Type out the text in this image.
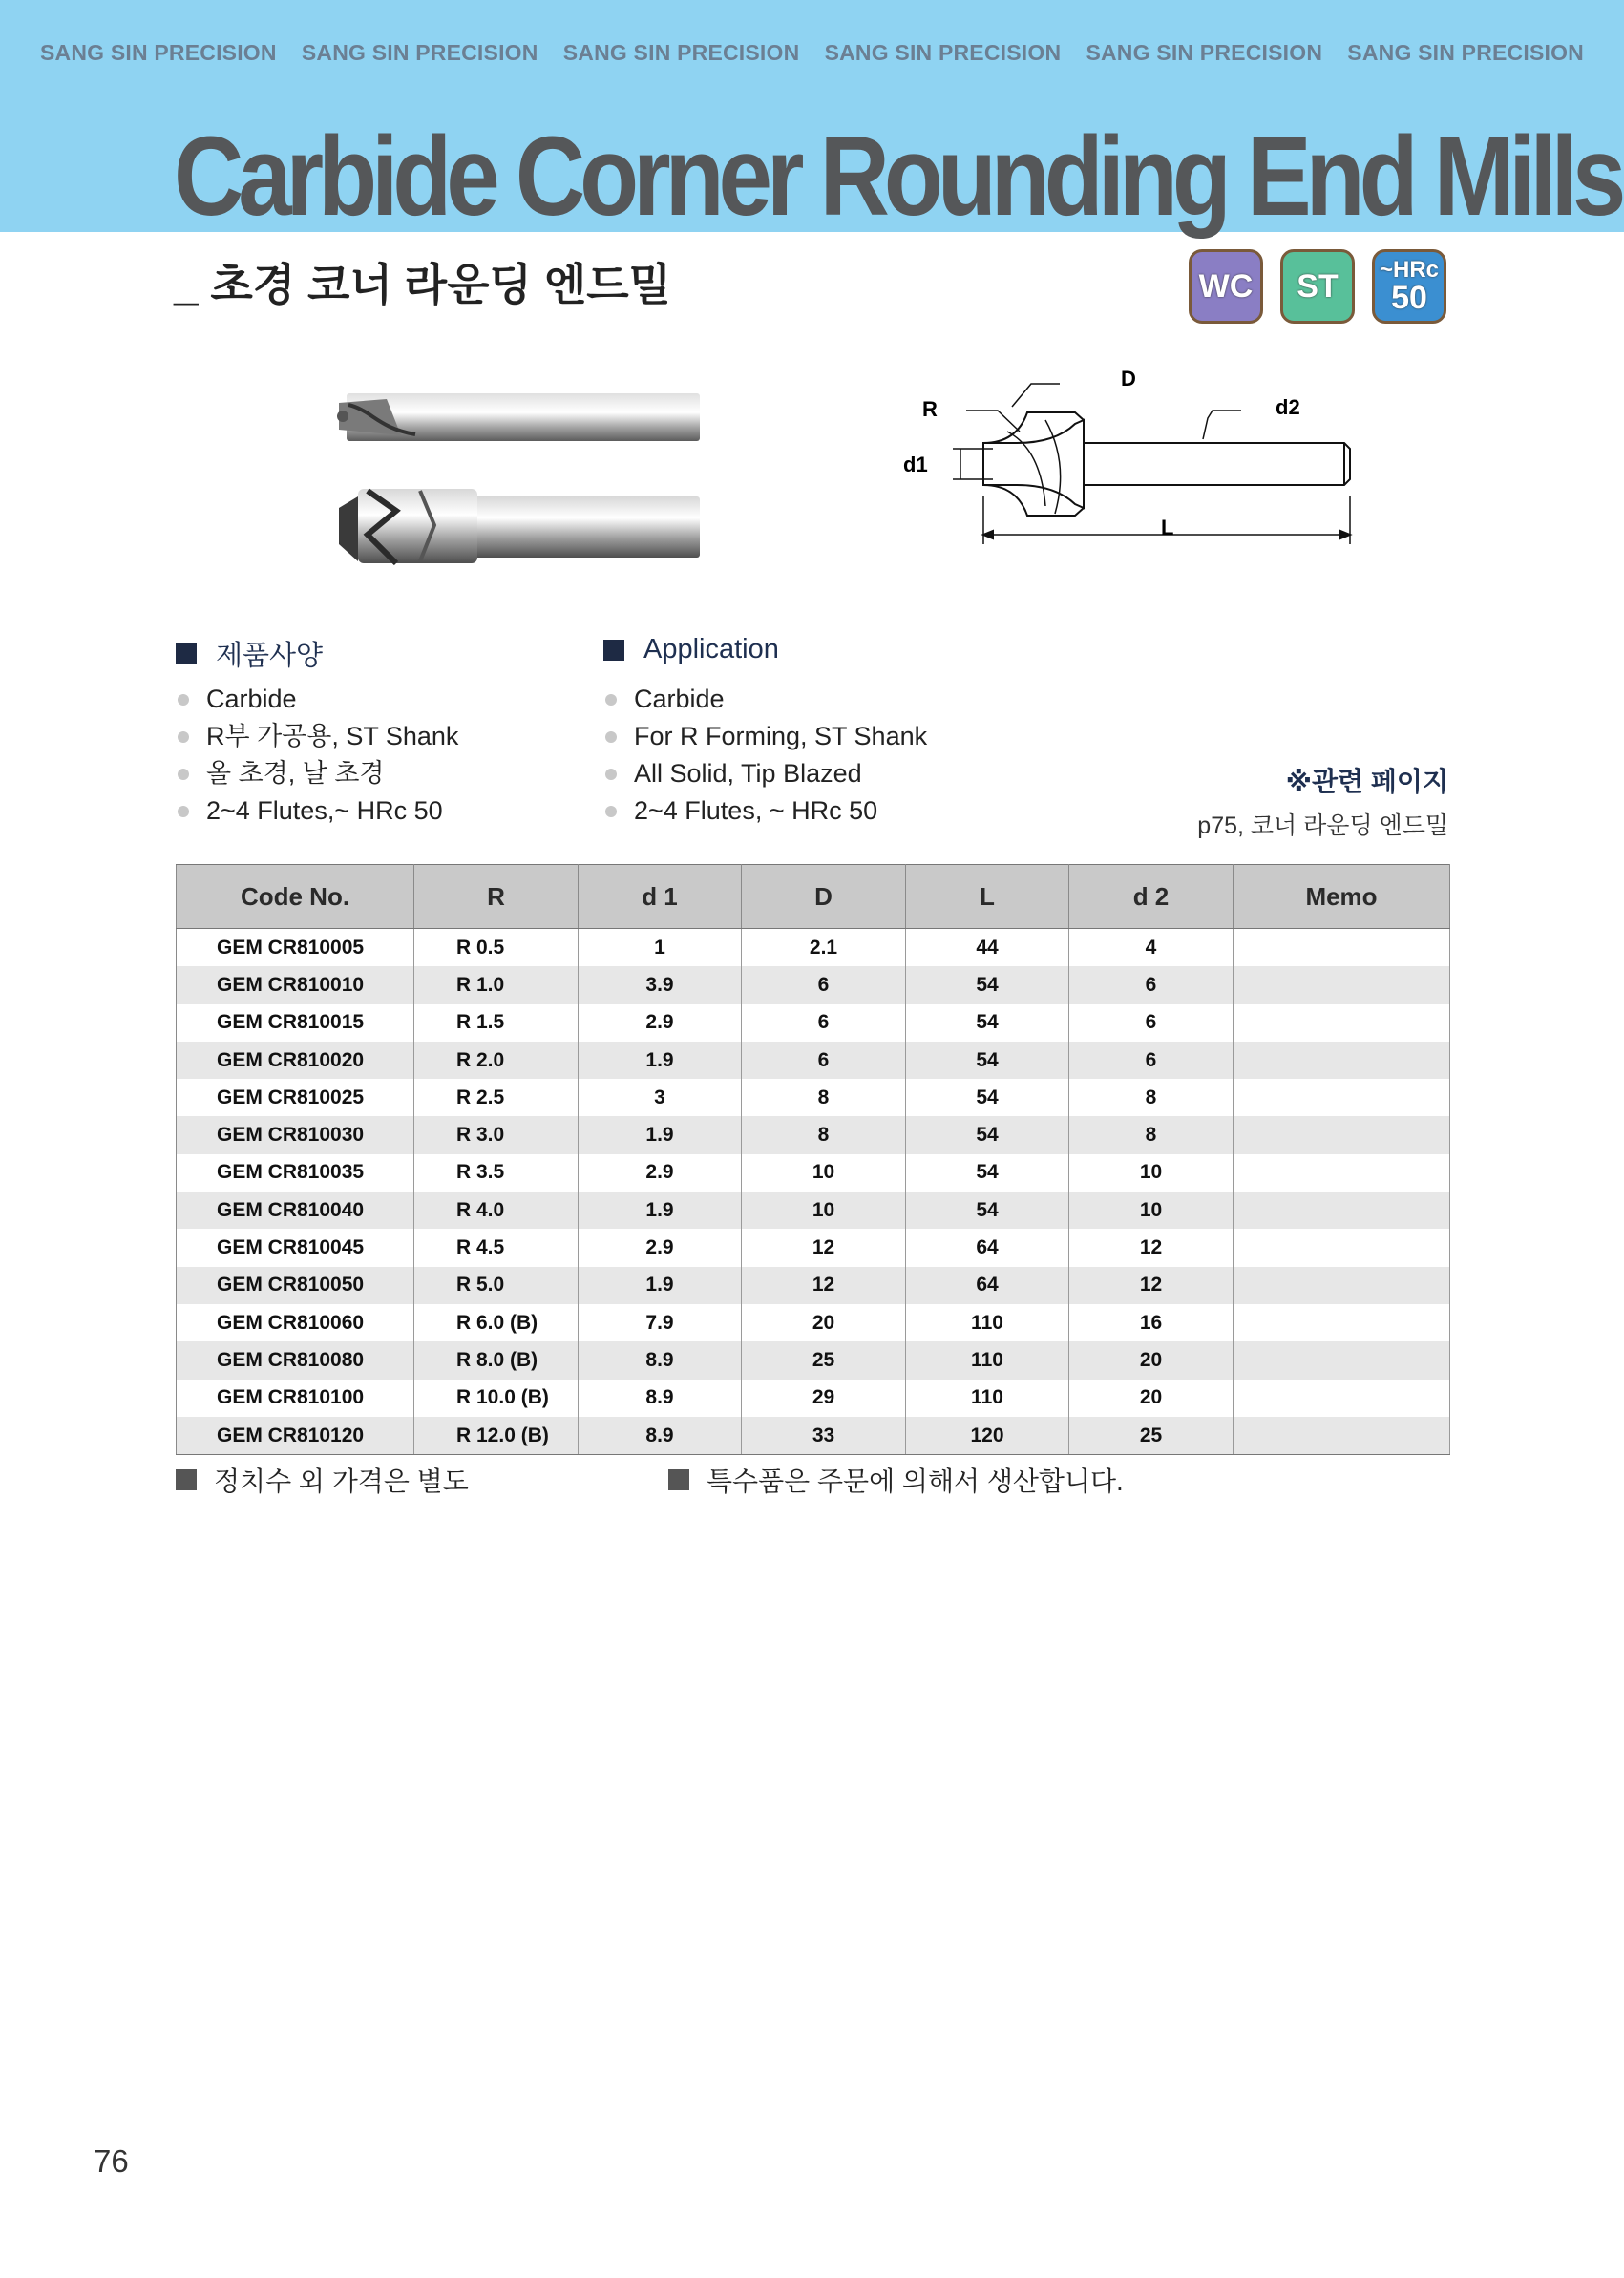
SANG SIN PRECISION SANG SIN PRECISION SANG SIN PRECISION SANG SIN PRECISION SANG SIN PRECISION SANG SIN PRECISION
Carbide Corner Rounding End Mills
_ 초경 코너 라운딩 엔드밀	WC	ST	~HRc
50
D
R	d2
d1
L
제품사양
Carbide
R부 가공용, ST Shank
올 초경, 날 초경
2~4 Flutes,~ HRc 50
Application
Carbide
For R Forming, ST Shank
All Solid, Tip Blazed
2~4 Flutes, ~ HRc 50
※관련 페이지
p75, 코너 라운딩 엔드밀
Code No.	R	d 1	D	L	d 2	Memo
GEM CR810005	R 0.5	1	2.1	44	4	
GEM CR810010	R 1.0	3.9	6	54	6	
GEM CR810015	R 1.5	2.9	6	54	6	
GEM CR810020	R 2.0	1.9	6	54	6	
GEM CR810025	R 2.5	3	8	54	8	
GEM CR810030	R 3.0	1.9	8	54	8	
GEM CR810035	R 3.5	2.9	10	54	10	
GEM CR810040	R 4.0	1.9	10	54	10	
GEM CR810045	R 4.5	2.9	12	64	12	
GEM CR810050	R 5.0	1.9	12	64	12	
GEM CR810060	R 6.0 (B)	7.9	20	110	16	
GEM CR810080	R 8.0 (B)	8.9	25	110	20	
GEM CR810100	R 10.0 (B)	8.9	29	110	20	
GEM CR810120	R 12.0 (B)	8.9	33	120	25	
정치수 외 가격은 별도	특수품은 주문에 의해서 생산합니다.
76
